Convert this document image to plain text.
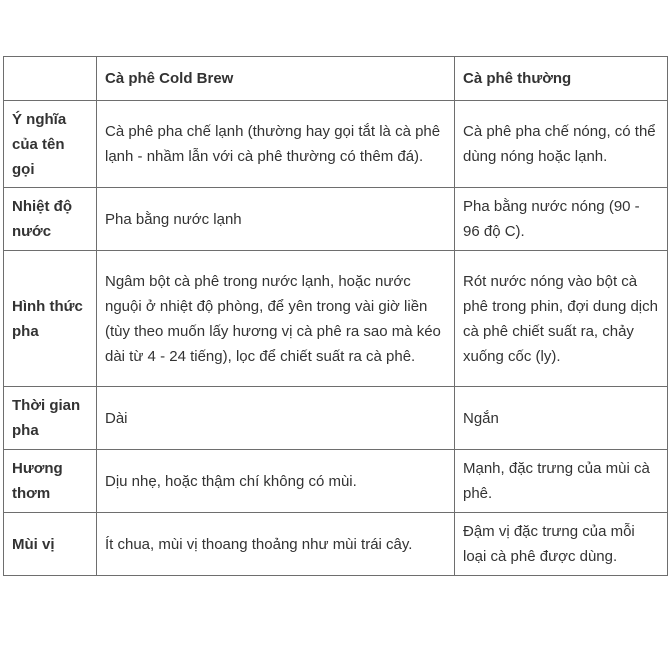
	Cà phê Cold Brew	Cà phê thường
Ý nghĩa của tên gọi	Cà phê pha chế lạnh (thường hay gọi tắt là cà phê lạnh - nhầm lẫn với cà phê thường có thêm đá).	Cà phê pha chế nóng, có thể dùng nóng hoặc lạnh.
Nhiệt độ nước	Pha bằng nước lạnh	Pha bằng nước nóng (90 - 96 độ C).
Hình thức pha	Ngâm bột cà phê trong nước lạnh, hoặc nước nguội ở nhiệt độ phòng, để yên trong vài giờ liền (tùy theo muốn lấy hương vị cà phê ra sao mà kéo dài từ 4 - 24 tiếng), lọc để chiết suất ra cà phê.	Rót nước nóng vào bột cà phê trong phin, đợi dung dịch cà phê chiết suất ra, chảy xuống cốc (ly).
Thời gian pha	Dài	Ngắn
Hương thơm	Dịu nhẹ, hoặc thậm chí không có mùi.	Mạnh, đặc trưng của mùi cà phê.
Mùi vị	Ít chua, mùi vị thoang thoảng như mùi trái cây.	Đậm vị đặc trưng của mỗi loại cà phê được dùng.
